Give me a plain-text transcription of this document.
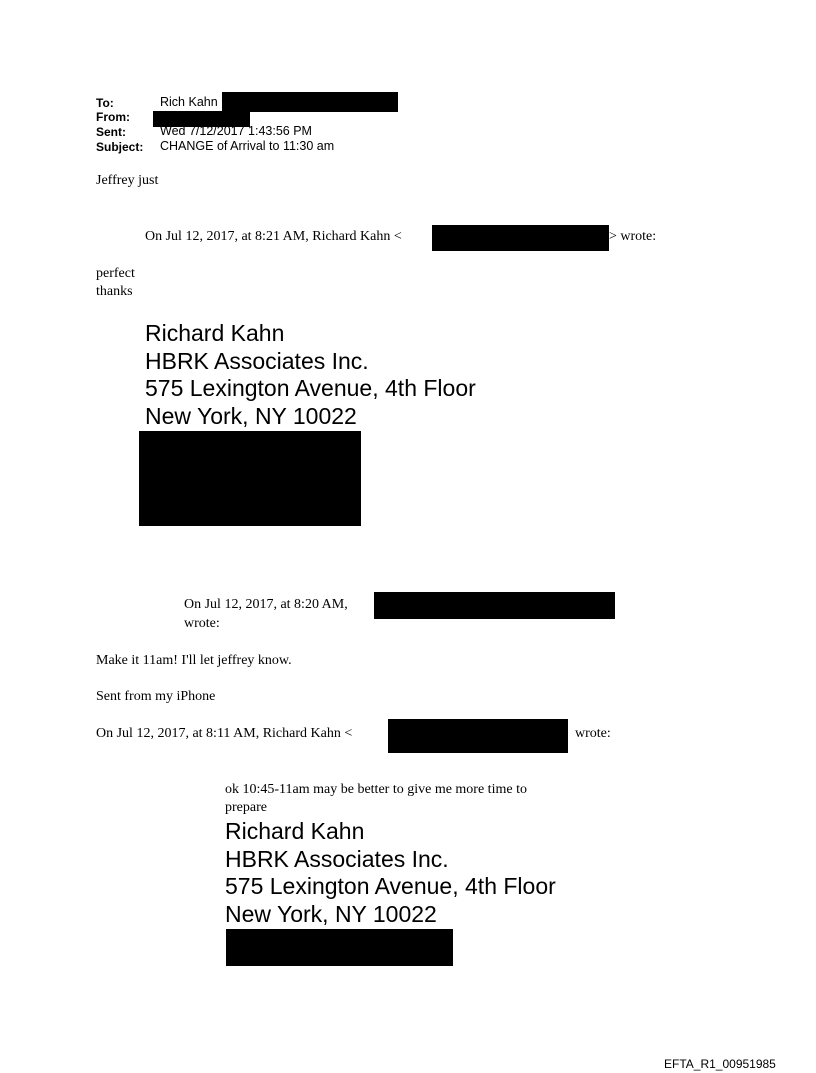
To:	Rich Kahn
From:
Sent:	Wed 7/12/2017 1:43:56 PM
Subject: CHANGE of Arrival to 11:30 am
Jeffrey just
On Jul 12, 2017, at 8:21 AM, Richard Kahn <	> wrote:
perfect
thanks
Richard Kahn
HBRK Associates Inc.
575 Lexington Avenue, 4th Floor
New York, NY 10022
On Jul 12, 2017, at 8:20 AM,
wrote:
Make it 11am! I'll let jeffrey know.
Sent from my iPhone
On Jul 12, 2017, at 8:11 AM, Richard Kahn <	wrote:
ok 10:45-11am may be better to give me more time to
prepare
Richard Kahn
HBRK Associates Inc.
575 Lexington Avenue, 4th Floor
New York, NY 10022
EFTA_R1_00951985
